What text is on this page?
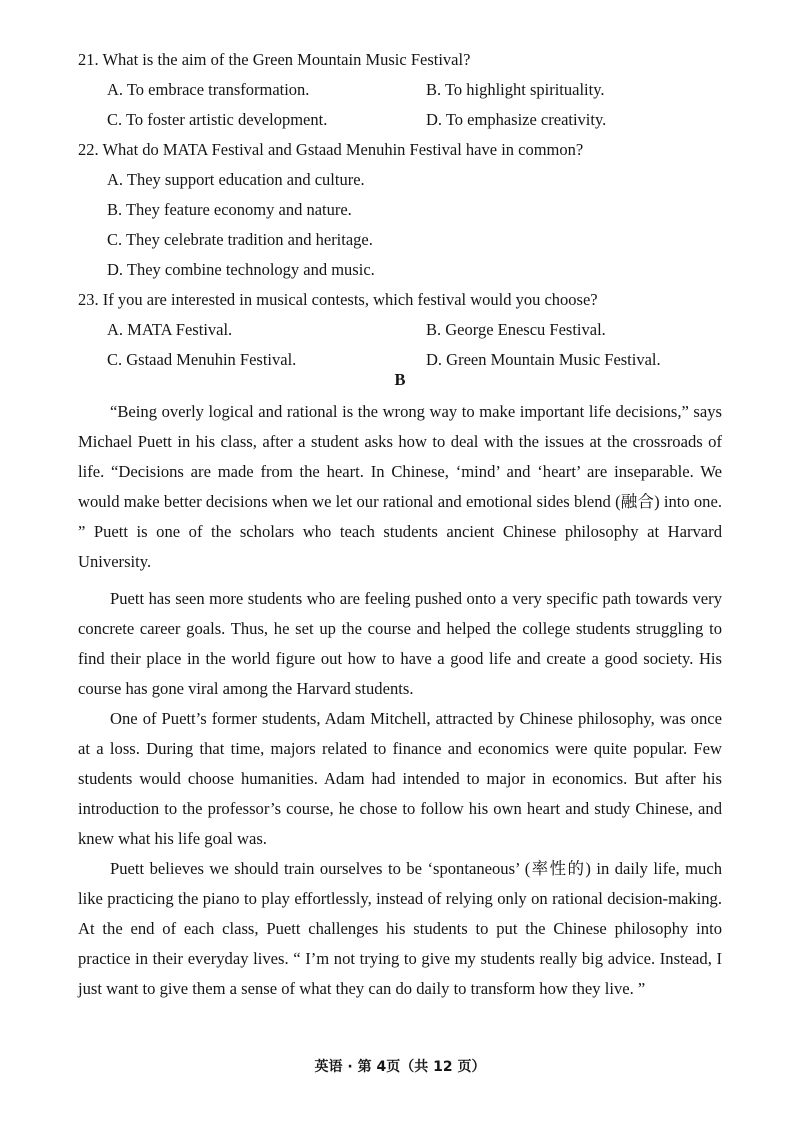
21. What is the aim of the Green Mountain Music Festival?
A. To embrace transformation.	B. To highlight spirituality.
C. To foster artistic development.	D. To emphasize creativity.
22. What do MATA Festival and Gstaad Menuhin Festival have in common?
A. They support education and culture.
B. They feature economy and nature.
C. They celebrate tradition and heritage.
D. They combine technology and music.
23. If you are interested in musical contests, which festival would you choose?
A. MATA Festival.	B. George Enescu Festival.
C. Gstaad Menuhin Festival.	D. Green Mountain Music Festival.
B

“Being overly logical and rational is the wrong way to make important life decisions,” says Michael Puett in his class, after a student asks how to deal with the issues at the crossroads of life. “Decisions are made from the heart. In Chinese, ‘mind’ and ‘heart’ are inseparable. We would make better decisions when we let our rational and emotional sides blend (融合) into one. ” Puett is one of the scholars who teach students ancient Chinese philosophy at Harvard University.

Puett has seen more students who are feeling pushed onto a very specific path towards very concrete career goals. Thus, he set up the course and helped the college students struggling to find their place in the world figure out how to have a good life and create a good society. His course has gone viral among the Harvard students.

One of Puett’s former students, Adam Mitchell, attracted by Chinese philosophy, was once at a loss. During that time, majors related to finance and economics were quite popular. Few students would choose humanities. Adam had intended to major in economics. But after his introduction to the professor’s course, he chose to follow his own heart and study Chinese, and knew what his life goal was.

Puett believes we should train ourselves to be ‘spontaneous’ (率性的) in daily life, much like practicing the piano to play effortlessly, instead of relying only on rational decision-making. At the end of each class, Puett challenges his students to put the Chinese philosophy into practice in their everyday lives. “ I’m not trying to give my students really big advice. Instead, I just want to give them a sense of what they can do daily to transform how they live. ”

英语 · 第 4页（共 12 页）
